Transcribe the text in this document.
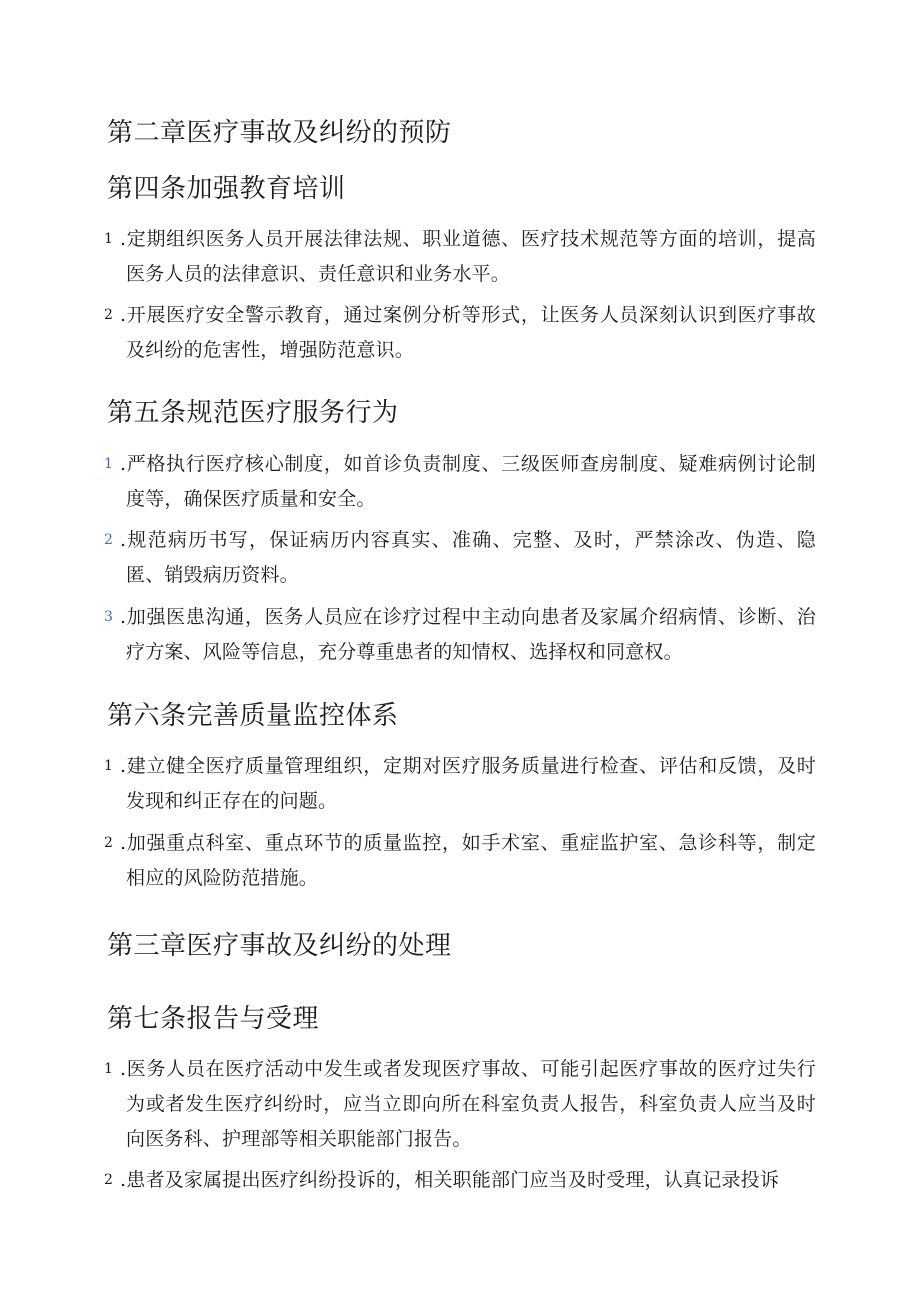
第二章医疗事故及纠纷的预防
第四条加强教育培训
1 .定期组织医务人员开展法律法规、职业道德、医疗技术规范等方面的培训，提高医务人员的法律意识、责任意识和业务水平。
2 .开展医疗安全警示教育，通过案例分析等形式，让医务人员深刻认识到医疗事故及纠纷的危害性，增强防范意识。
第五条规范医疗服务行为
1 .严格执行医疗核心制度，如首诊负责制度、三级医师查房制度、疑难病例讨论制度等，确保医疗质量和安全。
2 .规范病历书写，保证病历内容真实、准确、完整、及时，严禁涂改、伪造、隐匿、销毁病历资料。
3 .加强医患沟通，医务人员应在诊疗过程中主动向患者及家属介绍病情、诊断、治疗方案、风险等信息，充分尊重患者的知情权、选择权和同意权。
第六条完善质量监控体系
1 .建立健全医疗质量管理组织，定期对医疗服务质量进行检查、评估和反馈，及时发现和纠正存在的问题。
2 .加强重点科室、重点环节的质量监控，如手术室、重症监护室、急诊科等，制定相应的风险防范措施。
第三章医疗事故及纠纷的处理
第七条报告与受理
1 .医务人员在医疗活动中发生或者发现医疗事故、可能引起医疗事故的医疗过失行为或者发生医疗纠纷时，应当立即向所在科室负责人报告，科室负责人应当及时向医务科、护理部等相关职能部门报告。
2 .患者及家属提出医疗纠纷投诉的，相关职能部门应当及时受理，认真记录投诉
